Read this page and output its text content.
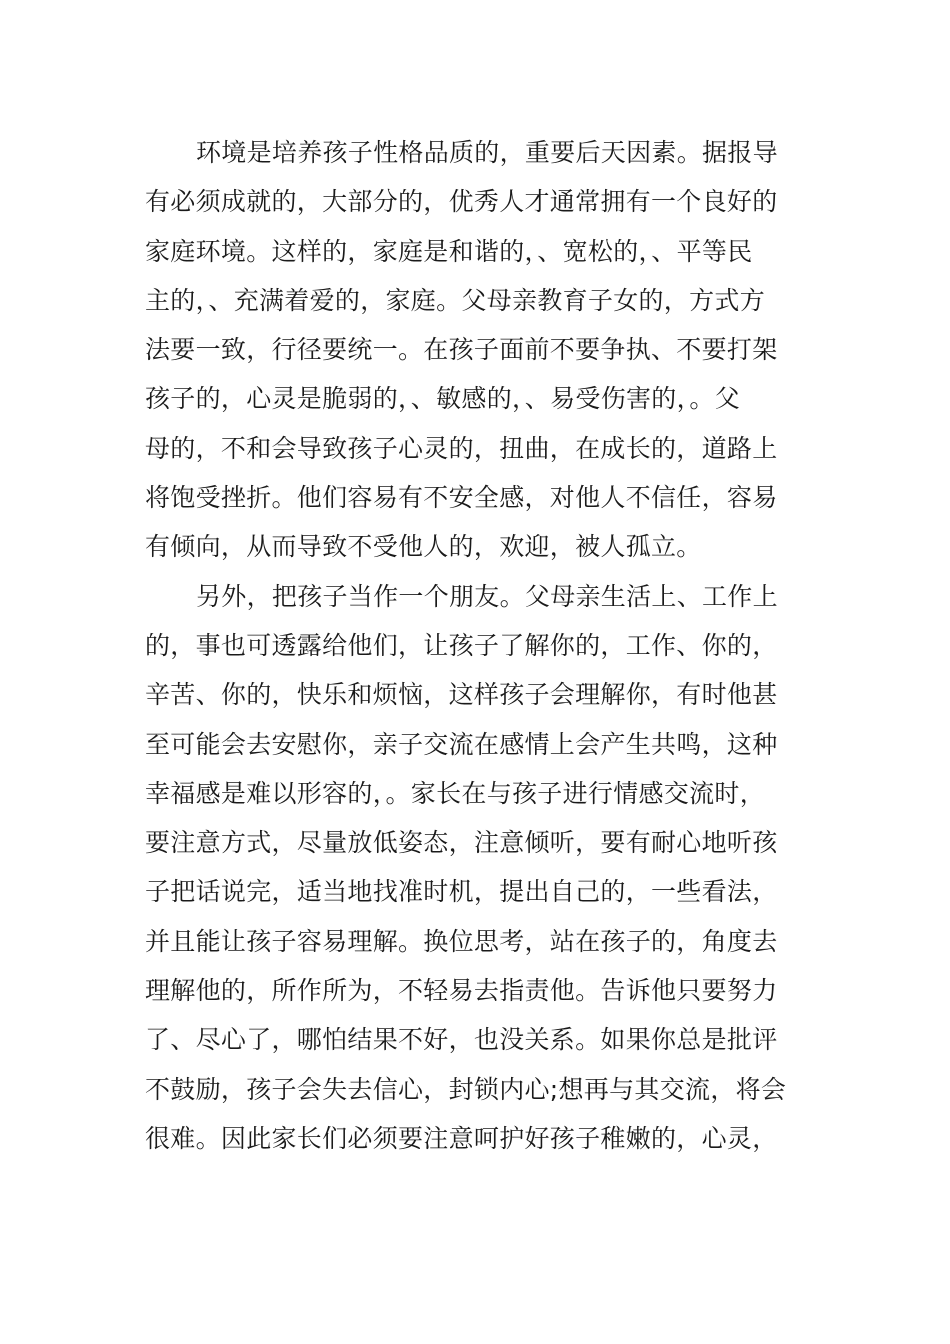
环境是培养孩子性格品质的，重要后天因素。据报导
有必须成就的，大部分的，优秀人才通常拥有一个良好的
家庭环境。这样的，家庭是和谐的，、宽松的，、平等民
主的，、充满着爱的，家庭。父母亲教育子女的，方式方
法要一致，行径要统一。在孩子面前不要争执、不要打架
孩子的，心灵是脆弱的，、敏感的，、易受伤害的，。父
母的，不和会导致孩子心灵的，扭曲，在成长的，道路上
将饱受挫折。他们容易有不安全感，对他人不信任，容易
有倾向，从而导致不受他人的，欢迎，被人孤立。
另外，把孩子当作一个朋友。父母亲生活上、工作上
的，事也可透露给他们，让孩子了解你的，工作、你的，
辛苦、你的，快乐和烦恼，这样孩子会理解你，有时他甚
至可能会去安慰你，亲子交流在感情上会产生共鸣，这种
幸福感是难以形容的，。家长在与孩子进行情感交流时，
要注意方式，尽量放低姿态，注意倾听，要有耐心地听孩
子把话说完，适当地找准时机，提出自己的，一些看法，
并且能让孩子容易理解。换位思考，站在孩子的，角度去
理解他的，所作所为，不轻易去指责他。告诉他只要努力
了、尽心了，哪怕结果不好，也没关系。如果你总是批评
不鼓励，孩子会失去信心，封锁内心;想再与其交流，将会
很难。因此家长们必须要注意呵护好孩子稚嫩的，心灵，
